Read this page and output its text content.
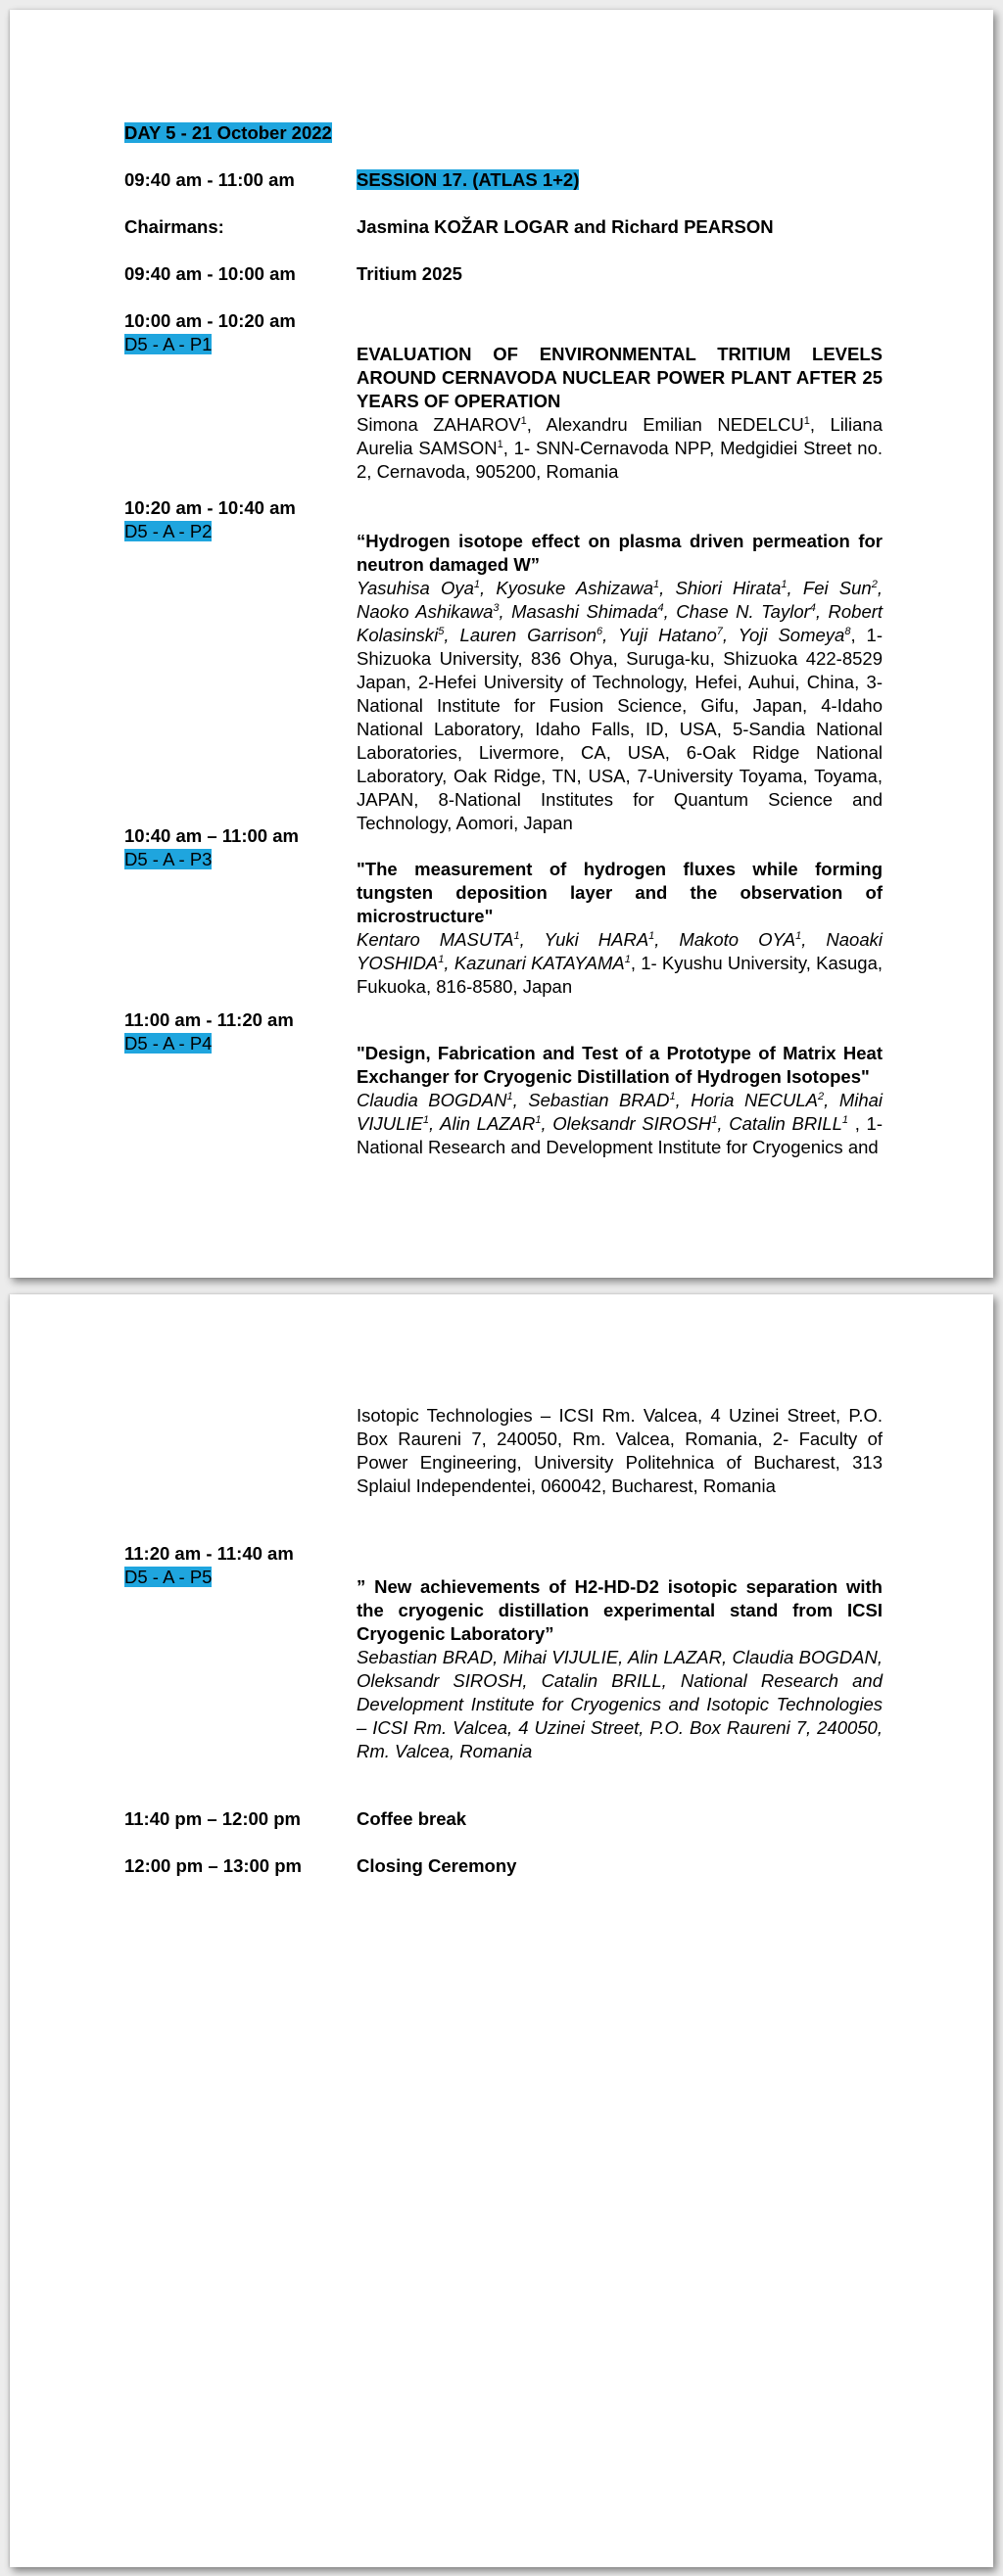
DAY 5 - 21 October 2022
09:40 am - 11:00 am	SESSION 17. (ATLAS 1+2)
Chairmans:	Jasmina KOŽAR LOGAR and Richard PEARSON
09:40 am - 10:00 am	Tritium 2025
10:00 am - 10:20 am
D5 - A - P1	EVALUATION OF ENVIRONMENTAL TRITIUM LEVELS AROUND CERNAVODA NUCLEAR POWER PLANT AFTER 25 YEARS OF OPERATION
Simona ZAHAROV$^1$, Alexandru Emilian NEDELCU$^1$, Liliana Aurelia SAMSON$^1$, 1- SNN-Cernavoda NPP, Medgidiei Street no. 2, Cernavoda, 905200, Romania
10:20 am - 10:40 am
D5 - A - P2	“Hydrogen isotope effect on plasma driven permeation for neutron damaged W”
Yasuhisa Oya$^1$, Kyosuke Ashizawa$^1$, Shiori Hirata$^1$, Fei Sun$^2$, Naoko Ashikawa$^3$, Masashi Shimada$^4$, Chase N. Taylor$^4$, Robert Kolasinski$^5$, Lauren Garrison$^6$, Yuji Hatano$^7$, Yoji Someya$^8$, 1-Shizuoka University, 836 Ohya, Suruga-ku, Shizuoka 422-8529 Japan, 2-Hefei University of Technology, Hefei, Auhui, China, 3-National Institute for Fusion Science, Gifu, Japan, 4-Idaho National Laboratory, Idaho Falls, ID, USA, 5-Sandia National Laboratories, Livermore, CA, USA, 6-Oak Ridge National Laboratory, Oak Ridge, TN, USA, 7-University Toyama, Toyama, JAPAN, 8-National Institutes for Quantum Science and Technology, Aomori, Japan
10:40 am – 11:00 am
D5 - A - P3	"The measurement of hydrogen fluxes while forming tungsten deposition layer and the observation of microstructure"
Kentaro MASUTA$^1$, Yuki HARA$^1$, Makoto OYA$^1$, Naoaki YOSHIDA$^1$, Kazunari KATAYAMA$^1$, 1- Kyushu University, Kasuga, Fukuoka, 816-8580, Japan
11:00 am - 11:20 am
D5 - A - P4	"Design, Fabrication and Test of a Prototype of Matrix Heat Exchanger for Cryogenic Distillation of Hydrogen Isotopes"
Claudia BOGDAN$^1$, Sebastian BRAD$^1$, Horia NECULA$^2$, Mihai VIJULIE$^1$, Alin LAZAR$^1$, Oleksandr SIROSH$^1$, Catalin BRILL$^1$ , 1-National Research and Development Institute for Cryogenics and
Isotopic Technologies – ICSI Rm. Valcea, 4 Uzinei Street, P.O. Box Raureni 7, 240050, Rm. Valcea, Romania, 2- Faculty of Power Engineering, University Politehnica of Bucharest, 313 Splaiul Independentei, 060042, Bucharest, Romania
11:20 am - 11:40 am
D5 - A - P5	” New achievements of H2-HD-D2 isotopic separation with the cryogenic distillation experimental stand from ICSI Cryogenic Laboratory”
Sebastian BRAD, Mihai VIJULIE, Alin LAZAR, Claudia BOGDAN, Oleksandr SIROSH, Catalin BRILL, National Research and Development Institute for Cryogenics and Isotopic Technologies – ICSI Rm. Valcea, 4 Uzinei Street, P.O. Box Raureni 7, 240050, Rm. Valcea, Romania
11:40 pm – 12:00 pm	Coffee break
12:00 pm – 13:00 pm	Closing Ceremony
